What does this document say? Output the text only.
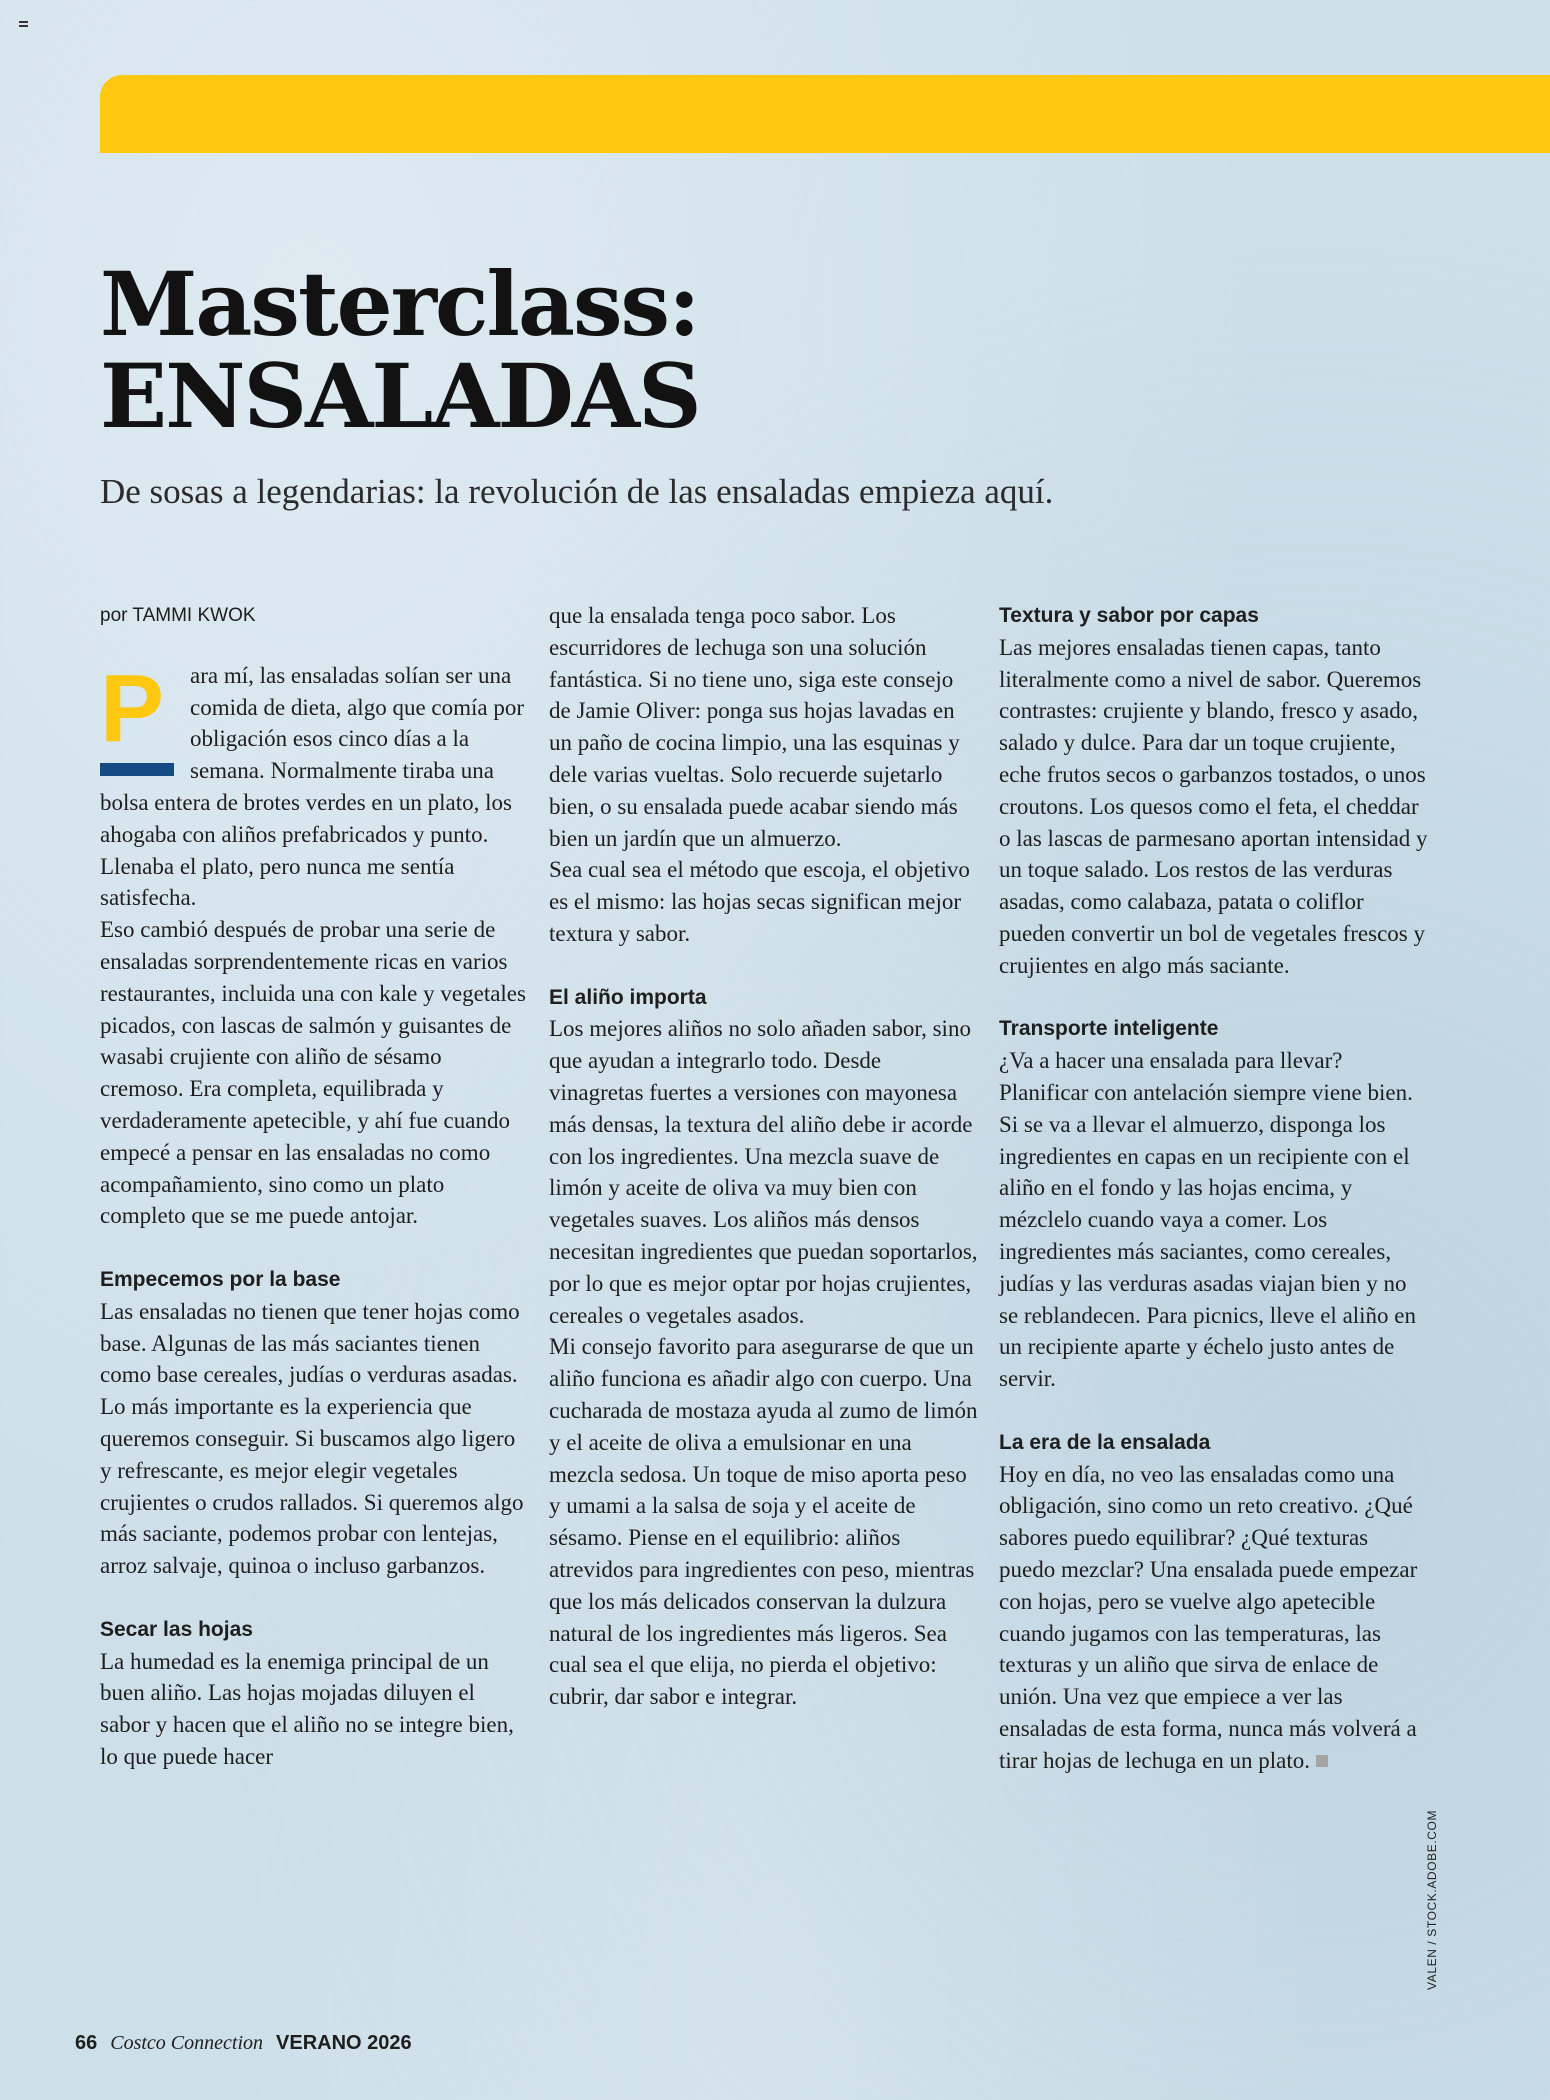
Masterclass:
ENSALADAS
De sosas a legendarias: la revolución de las ensaladas empieza aquí.
por TAMMI KWOK

P	ara mí, las ensaladas solían ser una comida de dieta, algo que comía por obligación esos cinco días a la semana. Normalmente tiraba una bolsa entera de brotes verdes en un plato, los ahogaba con aliños prefabricados y punto. Llenaba el plato, pero nunca me sentía satisfecha.

Eso cambió después de probar una serie de ensaladas sorprendentemente ricas en varios restaurantes, incluida una con kale y vegetales picados, con lascas de salmón y guisantes de wasabi crujiente con aliño de sésamo cremoso. Era completa, equilibrada y verdaderamente apetecible, y ahí fue cuando empecé a pensar en las ensaladas no como acompañamiento, sino como un plato completo que se me puede antojar.

Empecemos por la base

Las ensaladas no tienen que tener hojas como base. Algunas de las más saciantes tienen como base cereales, judías o verduras asadas. Lo más importante es la experiencia que queremos conseguir. Si buscamos algo ligero y refrescante, es mejor elegir vegetales crujientes o crudos rallados. Si queremos algo más saciante, podemos probar con lentejas, arroz salvaje, quinoa o incluso garbanzos.

Secar las hojas

La humedad es la enemiga principal de un buen aliño. Las hojas mojadas diluyen el sabor y hacen que el aliño no se integre bien, lo que puede hacer

que la ensalada tenga poco sabor. Los escurridores de lechuga son una solución fantástica. Si no tiene uno, siga este consejo de Jamie Oliver: ponga sus hojas lavadas en un paño de cocina limpio, una las esquinas y dele varias vueltas. Solo recuerde sujetarlo bien, o su ensalada puede acabar siendo más bien un jardín que un almuerzo.

Sea cual sea el método que escoja, el objetivo es el mismo: las hojas secas significan mejor textura y sabor.

El aliño importa

Los mejores aliños no solo añaden sabor, sino que ayudan a integrarlo todo. Desde vinagretas fuertes a versiones con mayonesa más densas, la textura del aliño debe ir acorde con los ingredientes. Una mezcla suave de limón y aceite de oliva va muy bien con vegetales suaves. Los aliños más densos necesitan ingredientes que puedan soportarlos, por lo que es mejor optar por hojas crujientes, cereales o vegetales asados.

Mi consejo favorito para asegurarse de que un aliño funciona es añadir algo con cuerpo. Una cucharada de mostaza ayuda al zumo de limón y el aceite de oliva a emulsionar en una mezcla sedosa. Un toque de miso aporta peso y umami a la salsa de soja y el aceite de sésamo. Piense en el equilibrio: aliños atrevidos para ingredientes con peso, mientras que los más delicados conservan la dulzura natural de los ingredientes más ligeros. Sea cual sea el que elija, no pierda el objetivo: cubrir, dar sabor e integrar.

Textura y sabor por capas

Las mejores ensaladas tienen capas, tanto literalmente como a nivel de sabor. Queremos contrastes: crujiente y blando, fresco y asado, salado y dulce. Para dar un toque crujiente, eche frutos secos o garbanzos tostados, o unos croutons. Los quesos como el feta, el cheddar o las lascas de parmesano aportan intensidad y un toque salado. Los restos de las verduras asadas, como calabaza, patata o coliflor pueden convertir un bol de vegetales frescos y crujientes en algo más saciante.

Transporte inteligente

¿Va a hacer una ensalada para llevar? Planificar con antelación siempre viene bien. Si se va a llevar el almuerzo, disponga los ingredientes en capas en un recipiente con el aliño en el fondo y las hojas encima, y mézclelo cuando vaya a comer. Los ingredientes más saciantes, como cereales, judías y las verduras asadas viajan bien y no se reblandecen. Para picnics, lleve el aliño en un recipiente aparte y échelo justo antes de servir.

La era de la ensalada

Hoy en día, no veo las ensaladas como una obligación, sino como un reto creativo. ¿Qué sabores puedo equilibrar? ¿Qué texturas puedo mezclar? Una ensalada puede empezar con hojas, pero se vuelve algo apetecible cuando jugamos con las temperaturas, las texturas y un aliño que sirva de enlace de unión. Una vez que empiece a ver las ensaladas de esta forma, nunca más volverá a tirar hojas de lechuga en un plato.

VALEN / STOCK.ADOBE.COM
66 Costco Connection VERANO 2026
